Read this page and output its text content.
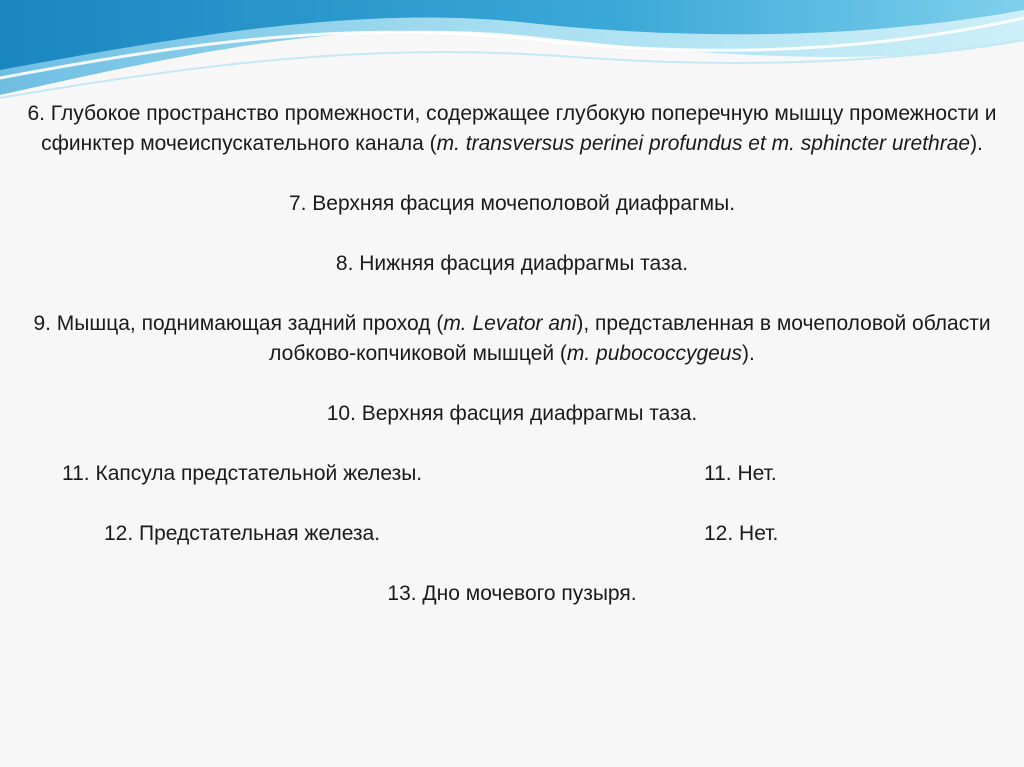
6. Глубокое пространство промежности, содержащее глубокую поперечную мышцу промежности и сфинктер мочеиспускательного канала (m. transversus perinei profundus et m. sphincter urethrae).

7. Верхняя фасция мочеполовой диафрагмы.

8. Нижняя фасция диафрагмы таза.

9. Мышца, поднимающая задний проход (m. Levator ani), представленная в мочеполовой области лобково-копчиковой мышцей (m. pubococcygeus).

10. Верхняя фасция диафрагмы таза.

11. Капсула предстательной железы.	11. Нет.
12. Предстательная железа.	12. Нет.

13. Дно мочевого пузыря.
